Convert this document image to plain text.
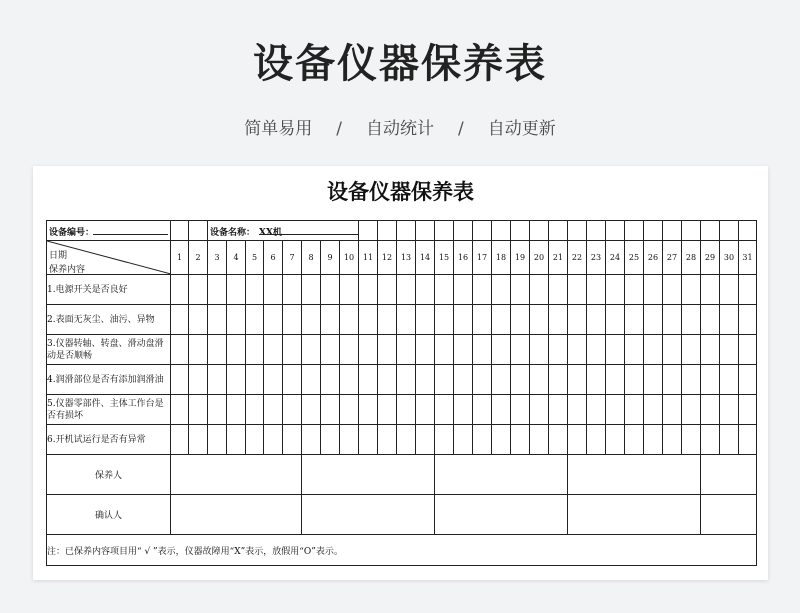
设备仪器保养表
简单易用 / 自动统计 / 自动更新
设备仪器保养表
设备编号：			设备名称： XX机																												

日期
保养内容	1	2	3	4	5	6	7	8	9	10	11	12	13	14	15	16	17	18	19	20	21	22	23	24	25	26	27	28	29	30	31
1.电源开关是否良好																															
2.表面无灰尘、油污、异物																															
3.仪器转轴、转盘、滑动盘滑动是否顺畅																															
4.润滑部位是否有添加润滑油																															
5.仪器零部件、主体工作台是否有损坏																															
6.开机试运行是否有异常																															
保养人																															
确认人																															
注：已保养内容项目用“ √ ”表示，仪器故障用“X”表示，放假用“O”表示。																															
